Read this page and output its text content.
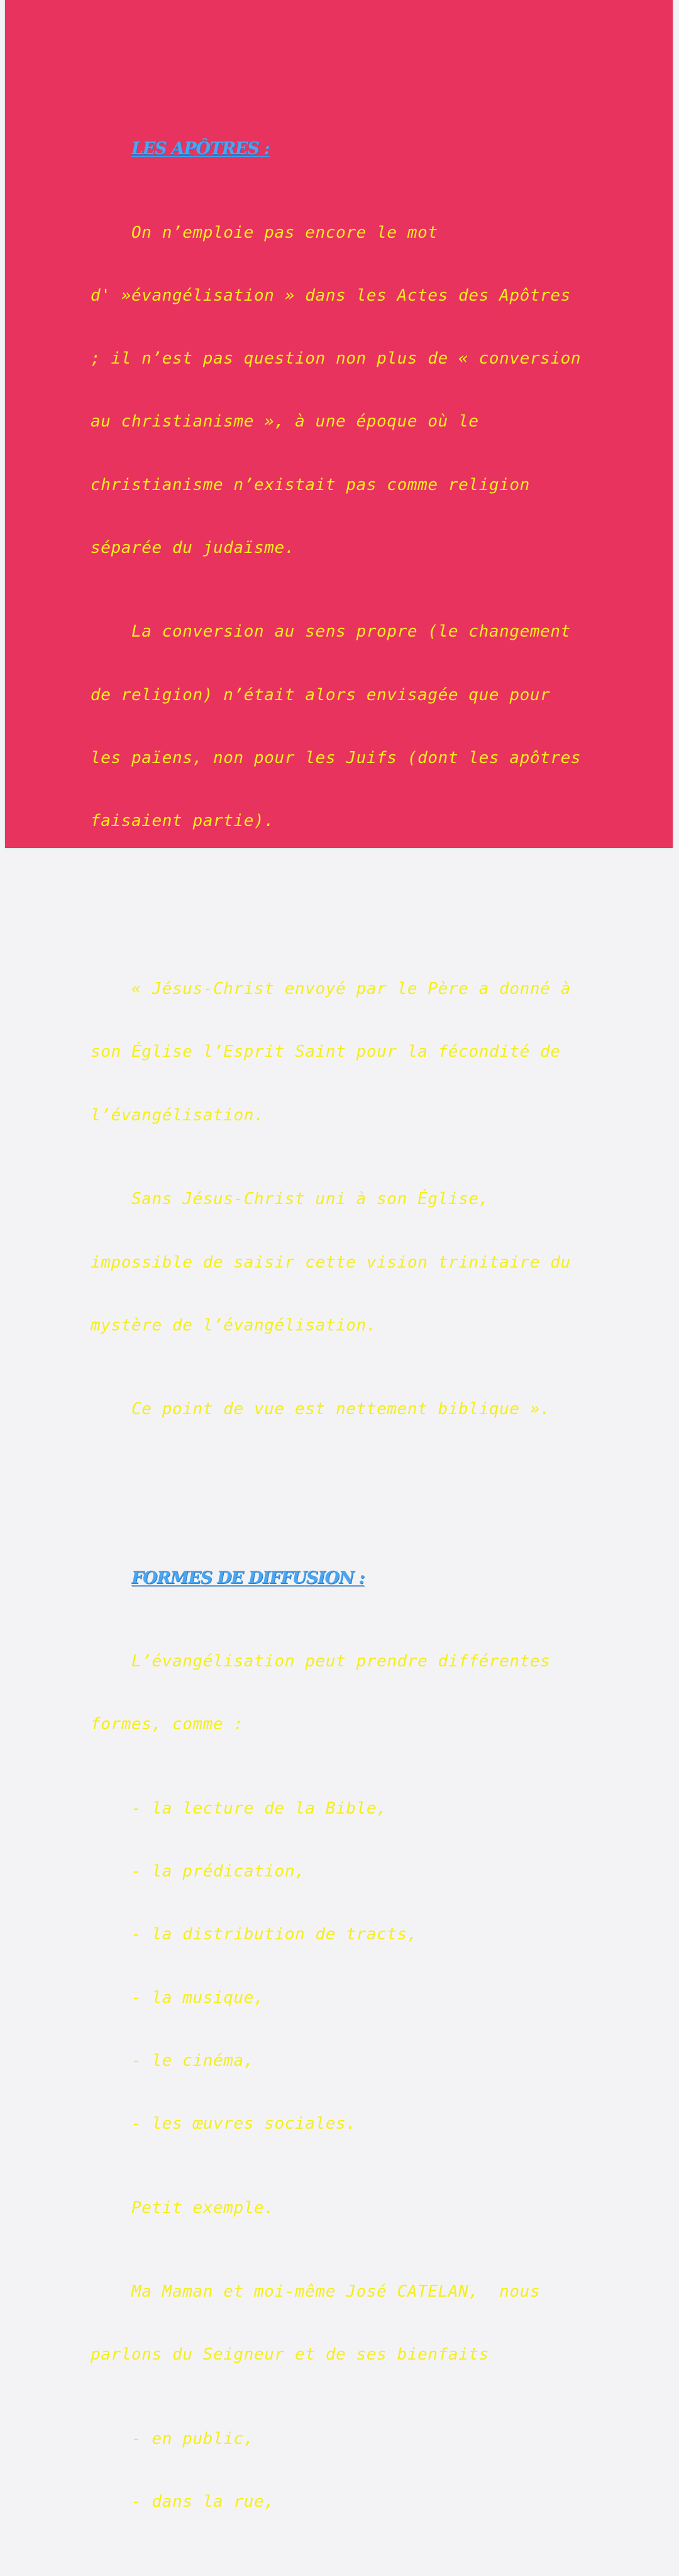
LES APÔTRES :

On n’emploie pas encore le mot

d' »évangélisation » dans les Actes des Apôtres

; il n’est pas question non plus de « conversion

au christianisme », à une époque où le

christianisme n’existait pas comme religion

séparée du judaïsme.

La conversion au sens propre (le changement

de religion) n’était alors envisagée que pour

les païens, non pour les Juifs (dont les apôtres

faisaient partie).

« Jésus-Christ envoyé par le Père a donné à

son Église l’Esprit Saint pour la fécondité de

l’évangélisation.

Sans Jésus-Christ uni à son Église,

impossible de saisir cette vision trinitaire du

mystère de l’évangélisation.

Ce point de vue est nettement biblique ».

FORMES DE DIFFUSION :

L’évangélisation peut prendre différentes

formes, comme :

- la lecture de la Bible,

- la prédication,

- la distribution de tracts,

- la musique,

- le cinéma,

- les œuvres sociales.

Petit exemple.

Ma Maman et moi-même José CATELAN,  nous

parlons du Seigneur et de ses bienfaits

- en public,

- dans la rue,
